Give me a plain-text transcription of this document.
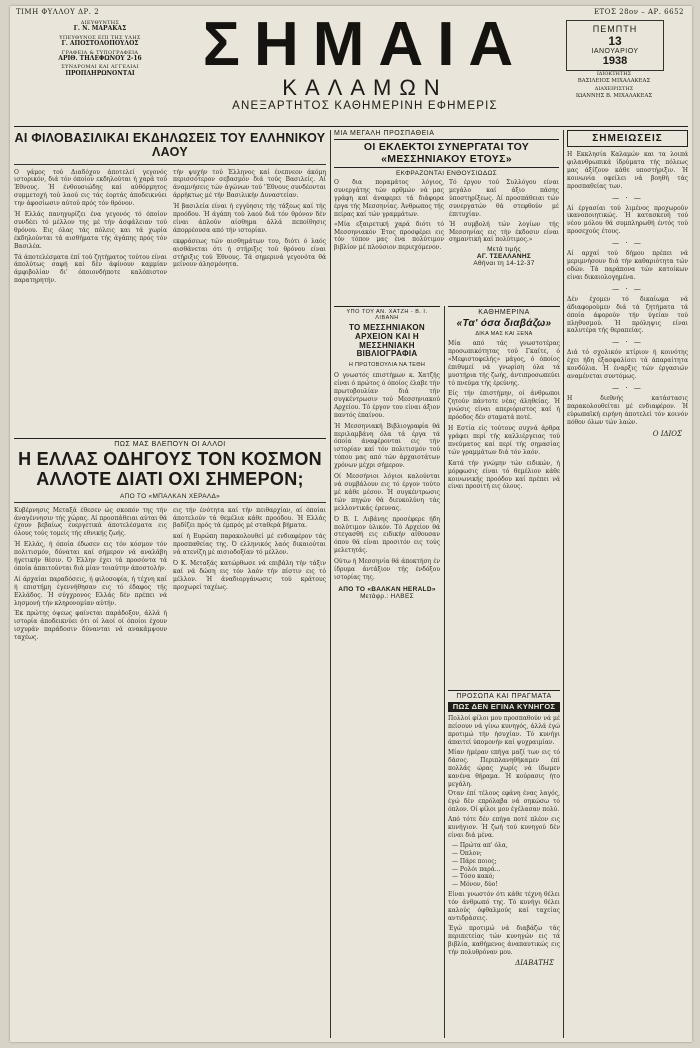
ΤΙΜΗ ΦΥΛΛΟΥ ΔΡ. 2	ΕΤΟΣ 28ον – ΑΡ. 6652
ΔΙΕΥΘΥΝΤΗΣ
Γ. Ν. ΜΑΡΑΚΑΣ
ΥΠΕΥΘΥΝΟΣ ΕΠΙ ΤΗΣ ΥΛΗΣ
Γ. ΑΠΟΣΤΟΛΟΠΟΥΛΟΣ
ΓΡΑΦΕΙΑ & ΤΥΠΟΓΡΑΦΕΙΑ
ΑΡΙΘ. ΤΗΛΕΦΩΝΟΥ 2-16
ΣΥΝΔΡΟΜΑΙ ΚΑΙ ΑΓΓΕΛΙΑΙ
ΠΡΟΠΛΗΡΩΝΟΝΤΑΙ	ΣΗΜΑΙΑ
ΚΑΛΑΜΩΝ
ΑΝΕΞΑΡΤΗΤΟΣ ΚΑΘΗΜΕΡΙΝΗ ΕΦΗΜΕΡΙΣ
ΠΕΜΠΤΗ
13
ΙΑΝΟΥΑΡΙΟΥ
1938
ΙΔΙΟΚΤΗΤΗΣ
ΒΑΣΙΛΕΙΟΣ ΜΙΧΑΛΑΚΕΑΣ
ΔΙΑΧΕΙΡΙΣΤΗΣ
ΙΩΑΝΝΗΣ Β. ΜΙΧΑΛΑΚΕΑΣ
ΑΙ ΦΙΛΟΒΑΣΙΛΙΚΑΙ ΕΚΔΗΛΩΣΕΙΣ ΤΟΥ ΕΛΛΗΝΙΚΟΥ ΛΑΟΥ

Ο γάμος τού Διαδόχου άποτελεί γεγονός ιστορικόν, διά τόν όποίον εκδηλούται ή χαρά τού Έθνους. Ή ένθουσιώδης καί αύθόρμητος συμμετοχή τού λαού εις τάς έορτάς άποδεικνύει την άφοσίωσιν αύτού πρός τόν θρόνον.

Ή Ελλάς πανηγυρίζει ένα γεγονός τό όποίον συνδέει τό μέλλον της μέ τήν άσφάλειαν τού θρόνου. Εις όλας τάς πόλεις και τά χωρία έκδηλούνται τά αισθήματα τής άγάπης πρός τόν Βασιλέα.

Τά άποτελέσματα έπί τού ζητήματος τούτου είναι άπολύτως σαφή καί δέν άφίνουν καμμίαν άμφιβολίαν δι' όποιονδήποτε καλόπιστον παρατηρητήν.

τήν ψυχήν τού Έλληνος καί ένεπνεον άκόμη περισσότερον σεβασμόν διά τούς Βασιλείς. Αί άναμνήσεις τών άγώνων τού 'Έθνους συνδέονται άρρήκτως μέ τήν Βασιλικήν Δυναστείαν.

Ή βασιλεία είναι ή εγγύησις τής τάξεως καί τής προόδου. Ή άγάπη τού λαού διά τόν θρόνον δέν είναι άπλούν αίσθημα άλλά πεποίθησις άπορρέουσα από τήν ιστορίαν.

εκφράσεως τών αισθημάτων του, διότι ό λαός αισθάνεται ότι ή στήριξις τού θρόνου είναι στήριξις τού Έθνους. Τά σημερινά γεγονότα θά μείνουν άλησμόνητα.

ΠΩΣ ΜΑΣ ΒΛΕΠΟΥΝ ΟΙ ΑΛΛΟΙ
Η ΕΛΛΑΣ ΟΔΗΓΟΥΣ ΤΟΝ ΚΟΣΜΟΝ ΑΛΛΟΤΕ ΔΙΑΤΙ ΟΧΙ ΣΗΜΕΡΟΝ;
ΑΠΟ ΤΟ «ΜΠΑΛΚΑΝ ΧΕΡΑΛΔ»

Κυβέρνησις Μεταξά έθεσεν ώς σκοπόν της τήν άναγέννησιν τής χώρας. Αί προσπάθειαι αύται θά έχουν βεβαίως ευεργετικά άποτελέσματα εις όλους τούς τομείς τής εθνικής ζωής.

Ή Ελλάς, ή όποία έδωσεν εις τόν κόσμον τόν πολιτισμόν, δύναται καί σήμερον νά αναλάβη ήγετικήν θέσιν. Ό Έλλην έχει τά προσόντα τά όποία άπαιτούνται διά μίαν τοιαύτην άποστολήν.

Αί άρχαίαι παραδόσεις, ή φιλοσοφία, ή τέχνη καί ή επιστήμη έγεννήθησαν εις τό έδαφος τής Ελλάδος. Ή σύγχρονος Ελλάς δέν πρέπει νά λησμονή τήν κληρονομίαν αύτήν.

Έκ πρώτης όψεως φαίνεται παράδοξον, άλλά ή ιστορία άποδεικνύει ότι οί λαοί οί όποίοι έχουν ισχυράν παράδοσιν δύνανται νά ανακάμψουν ταχέως.

εις τήν ένότητα καί τήν πειθαρχίαν, αί όποίαι άποτελούν τά θεμέλια κάθε προόδου. Ή Ελλάς βαδίζει πρός τά έμπρός μέ σταθερά βήματα.

καί ή Ευρώπη παρακολουθεί μέ ενδιαφέρον τάς προσπαθείας της. Ό ελληνικός λαός δικαιούται νά ατενίζη μέ αισιοδοξίαν τό μέλλον.

Ό Κ. Μεταξάς κατώρθωσε νά επιβάλη τήν τάξιν καί νά δώση εις τόν λαόν τήν πίστιν εις τό μέλλον. Ή άναδιοργάνωσις τού κράτους προχωρεί ταχέως.

ΜΙΑ ΜΕΓΑΛΗ ΠΡΟΣΠΑΘΕΙΑ
ΟΙ ΕΚΛΕΚΤΟΙ ΣΥΝΕΡΓΑΤΑΙ ΤΟΥ «ΜΕΣΣΗΝΙΑΚΟΥ ΕΤΟΥΣ»
ΕΚΦΡΑΖΟΝΤΑΙ ΕΝΘΟΥΣΙΩΔΩΣ

Ο δια ποραμάτος λόγιος, συνεργάτης τών αρθμών νά μας γράφη καί άναφερει τά διάφορα έργα τής Μεσσηνίας. Άνθρωπος τής πείρας καί τών γραμμάτων.

«Μία εξαιρετική χαρά διότι τό Μεσσηνιακόν Έτος προσφέρει εις τόν τόπον μας ένα πολύτιμον βιβλίον μέ πλούσιον περιεχόμενον.

Τό έργον τού Συλλόγου είναι μεγάλο καί άξιο πάσης ύποστηρίξεως. Αί προσπάθειαι τών συνεργατών θά στεφθούν μέ έπιτυχίαν.

Ή συμβολή τών λογίων τής Μεσσηνίας εις τήν έκδοσιν είναι σημαντική καί πολύτιμος.»

Μετά τιμής
ΑΓ. ΤΣΕΛΛΑΝΗΣ
Αθήναι τη 14-12-37
ΥΠΟ ΤΟΥ ΑΝ. ΧΑΤΖΗ - Β. Ι. ΛΙΒΑΝΗ
ΤΟ ΜΕΣΣΗΝΙΑΚΟΝ ΑΡΧΕΙΟΝ ΚΑΙ Η ΜΕΣΣΗΝΙΑΚΗ ΒΙΒΛΙΟΓΡΑΦΙΑ
Η ΠΡΩΤΟΒΟΥΛΙΑ ΝΑ ΤΕΘΗ

Ο γνωστός επιστήμων κ. Χατζής είναι ό πρώτος ό όποίος έλαβε τήν πρωτοβουλίαν διά τήν συγκέντρωσιν τού Μεσσηνιακού Αρχείου. Τό έργον του είναι άξιον παντός έπαίνου.

Ή Μεσσηνιακή Βιβλιογραφία θά περιλαμβάνη όλα τά έργα τά όποία άναφέρονται εις τήν ιστορίαν καί τόν πολιτισμόν τού τόπου μας από τών άρχαιοτάτων χρόνων μέχρι σήμερον.

Οί Μεσσήνιοι λόγιοι καλούνται νά συμβάλουν εις τό έργον τούτο μέ κάθε μέσον. Ή συγκέντρωσις τών πηγών θά διευκολύνη τάς μελλοντικάς έρευνας.

Ό Β. Ι. Λιβάνης προσέφερε ήδη πολύτιμον ύλικόν. Τό Αρχείον θά στεγασθή εις ειδικήν αίθουσαν όπου θά είναι προσιτόν εις τούς μελετητάς.

Ούτω ή Μεσσηνία θά άποκτήση έν ίδρυμα άντάξιον τής ένδόξου ιστορίας της.

ΑΠΟ ΤΟ «ΒΑΛΚΑΝ ΗΕRALD»
Μετάφρ.: ΗΛΒΕΣ
ΚΑΘΗΜΕΡΙΝΑ
«Τα' όσα διαβάζω»
ΔΙΚΑ ΜΑΣ ΚΑΙ ΞΕΝΑ

Μία από τάς γνωστοτέρας προσωπικότητας τού Γκαίτε, ό «Μεφιστοφελής» μάγος, ό όποίος έπιθυμεί νά γνωρίση όλα τά μυστήρια τής ζωής, άντιπροσωπεύει τό πνεύμα τής έρεύνης.

Είς τήν έπιστήμην, οί άνθρωποι ζητούν πάντοτε νέας άληθείας. Ή γνώσις είναι απεριόριστος καί ή πρόοδος δέν σταματά ποτέ.

Η Εστία είς τούτους συχνά άρθρα γράφει περί τής καλλιέργειας τού πνεύματος καί περί τής σημασίας τών γραμμάτων διά τόν λαόν.

Κατά τήν γνώμην τών ειδικών, ή μόρφωσις είναι τό θεμέλιον κάθε κοινωνικής προόδου καί πρέπει νά είναι προσιτή εις όλους.

ΠΡΟΣΩΠΑ ΚΑΙ ΠΡΑΓΜΑΤΑ
ΠΩΣ ΔΕΝ ΕΓΙΝΑ ΚΥΝΗΓΟΣ

Πολλοί φίλοι μου προσπαθούν νά μέ πείσουν νά γίνω κυνηγός, άλλά έγώ προτιμώ τήν ήσυχίαν. Τό κυνήγι άπαιτεί ύπομονήν καί ψυχραιμίαν.

Μίαν ήμέραν επήγα μαζί των εις τό δάσος. Περιπλανηθήκαμεν έπί πολλάς ώρας χωρίς νά ίδωμεν κανένα θήραμα. Ή κούρασις ήτο μεγάλη.

Όταν έπί τέλους εφάνη ένας λαγός, έγώ δέν επρόλαβα νά σηκώσω τό όπλον. Οί φίλοι μου έγέλασαν πολύ.

Από τότε δέν επήγα ποτέ πλέον εις κυνήγιον. Ή ζωή τού κυνηγού δέν είναι διά μένα.

— Πρώτα απ' όλα,
— Όπλον;
— Πάρε ποιος;
— Ρολόι παρά...
— Τόσο κακό;
— Μόνον, δύο!

Είναι γνωστόν ότι κάθε τέχνη θέλει τόν άνθρωπό της. Τό κυνήγι θέλει καλούς όφθαλμούς καί ταχείας αντιδράσεις.

Έγώ προτιμώ νά διαβάζω τάς περιπετείας τών κυνηγών εις τά βιβλία, καθήμενος άναπαυτικώς εις τήν πολυθρόναν μου.

ΔΙΑΒΑΤΗΣ
ΣΗΜΕΙΩΣΕΙΣ

Η Εκκλησία Καλαμών και τα λοιπά φιλανθρωπικά ίδρύματα τής πόλεως μας άξίζουν κάθε υποστήριξιν. Ή κοινωνία οφείλει νά βοηθή τάς προσπαθείας των.

— · —

Αί έργασίαι τού λιμένος προχωρούν ικανοποιητικώς. Ή κατασκευή τού νέου μόλου θά συμπληρωθή έντός τού προσεχούς έτους.

— · —

Αί αρχαί τού δήμου πρέπει νά μεριμνήσουν διά τήν καθαριότητα τών οδών. Τά παράπονα τών κατοίκων είναι δικαιολογημένα.

— · —

Δέν έχομεν τό δικαίωμα νά άδιαφορούμεν διά τά ζητήματα τά όποία άφορούν τήν ύγείαν τού πληθυσμού. Ή πρόληψις είναι καλυτέρα τής θεραπείας.

— · —

Διά τό σχολικόν κτίριον ή κοινότης έχει ήδη έξασφαλίσει τά άπαραίτητα κονδύλια. Ή έναρξις τών έργασιών αναμένεται συντόμως.

— · —

Η διεθνής κατάστασις παρακολουθείται μέ ενδιαφέρον. Ή εύρωπαϊκή ειρήνη άποτελεί τόν κοινόν πόθον όλων τών λαών.

Ο ΙΔΙΟΣ
